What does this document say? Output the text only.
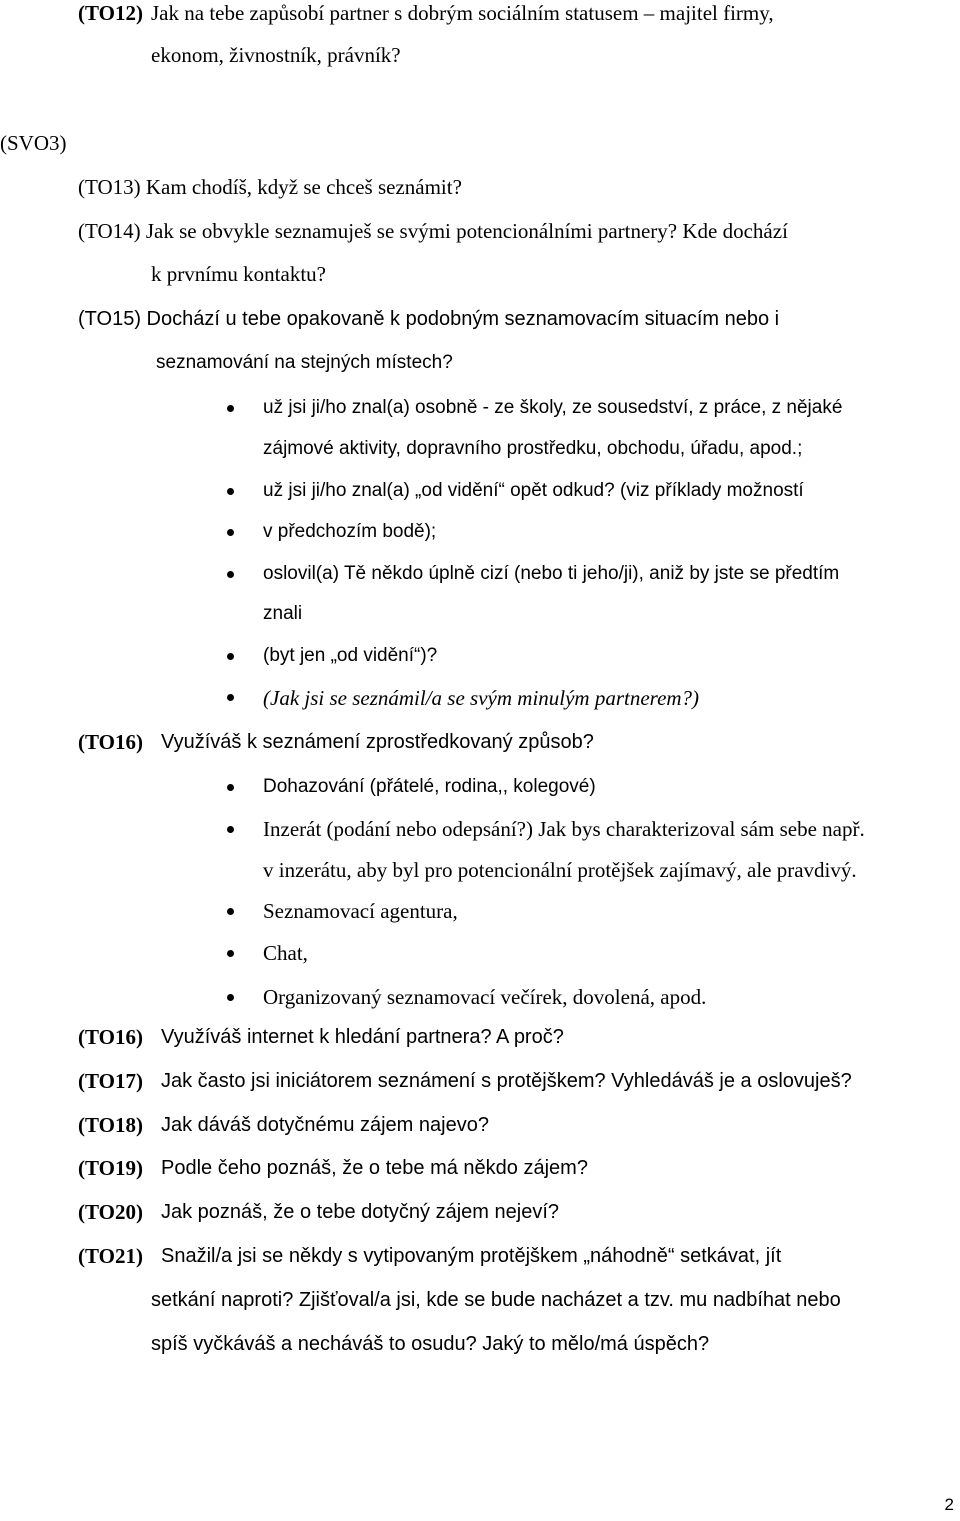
(TO12) Jak na tebe zapůsobí partner s dobrým sociálním statusem – majitel firmy,

ekonom, živnostník, právník?

(SVO3)

(TO13) Kam chodíš, když se chceš seznámit?

(TO14) Jak se obvykle seznamuješ se svými potencionálními partnery? Kde dochází

k prvnímu kontaktu?

(TO15) Dochází u tebe opakovaně k podobným seznamovacím situacím nebo i

seznamování na stejných místech?

už jsi ji/ho znal(a) osobně - ze školy, ze sousedství, z práce, z nějaké

zájmové aktivity, dopravního prostředku, obchodu, úřadu, apod.;

už jsi ji/ho znal(a) „od vidění“ opět odkud? (viz příklady možností

v předchozím bodě);

oslovil(a) Tě někdo úplně cizí (nebo ti jeho/ji), aniž by jste se předtím

znali

(byt jen „od vidění“)?

(Jak jsi se seznámil/a se svým minulým partnerem?)

(TO16) Využíváš k seznámení zprostředkovaný způsob?

Dohazování (přátelé, rodina,, kolegové)

Inzerát (podání nebo odepsání?) Jak bys charakterizoval sám sebe např.

v inzerátu, aby byl pro potencionální protějšek zajímavý, ale pravdivý.

Seznamovací agentura,

Chat,

Organizovaný seznamovací večírek, dovolená, apod.

(TO16) Využíváš internet k hledání partnera? A proč?

(TO17) Jak často jsi iniciátorem seznámení s protějškem? Vyhledáváš je a oslovuješ?

(TO18) Jak dáváš dotyčnému zájem najevo?

(TO19) Podle čeho poznáš, že o tebe má někdo zájem?

(TO20) Jak poznáš, že o tebe dotyčný zájem nejeví?

(TO21) Snažil/a jsi se někdy s vytipovaným protějškem „náhodně“ setkávat, jít

setkání naproti? Zjišťoval/a jsi, kde se bude nacházet a tzv. mu nadbíhat nebo

spíš vyčkáváš a necháváš to osudu? Jaký to mělo/má úspěch?

2
